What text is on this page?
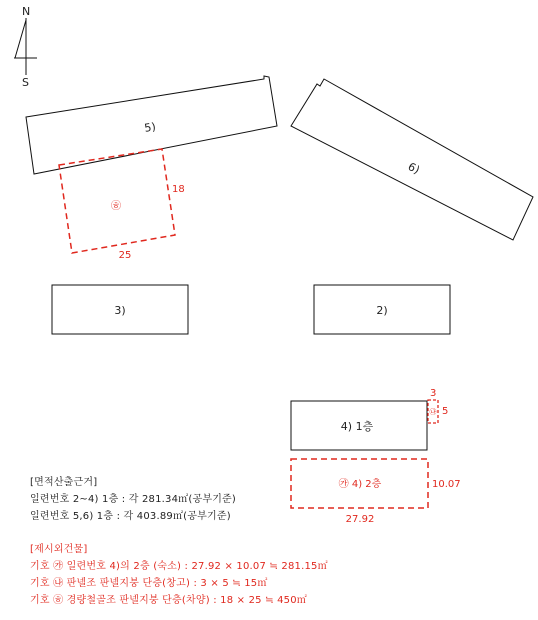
N
S
5)
6)
㉭
18
25
3)	2)
4) 1층
3
㉯ 5
㉮ 4) 2층	10.07
27.92
[면적산출근거]
일련번호 2~4) 1층 : 각 281.34㎡(공부기준)
일련번호 5,6) 1층 : 각 403.89㎡(공부기준)
[제시외건물]
기호 ㉮ 일련번호 4)의 2층 (숙소) : 27.92 × 10.07 ≒ 281.15㎡
기호 ㉯ 판넬조 판넬지붕 단층(창고) : 3 × 5 ≒ 15㎡
기호 ㉭ 경량철골조 판넬지붕 단층(차양) : 18 × 25 ≒ 450㎡
